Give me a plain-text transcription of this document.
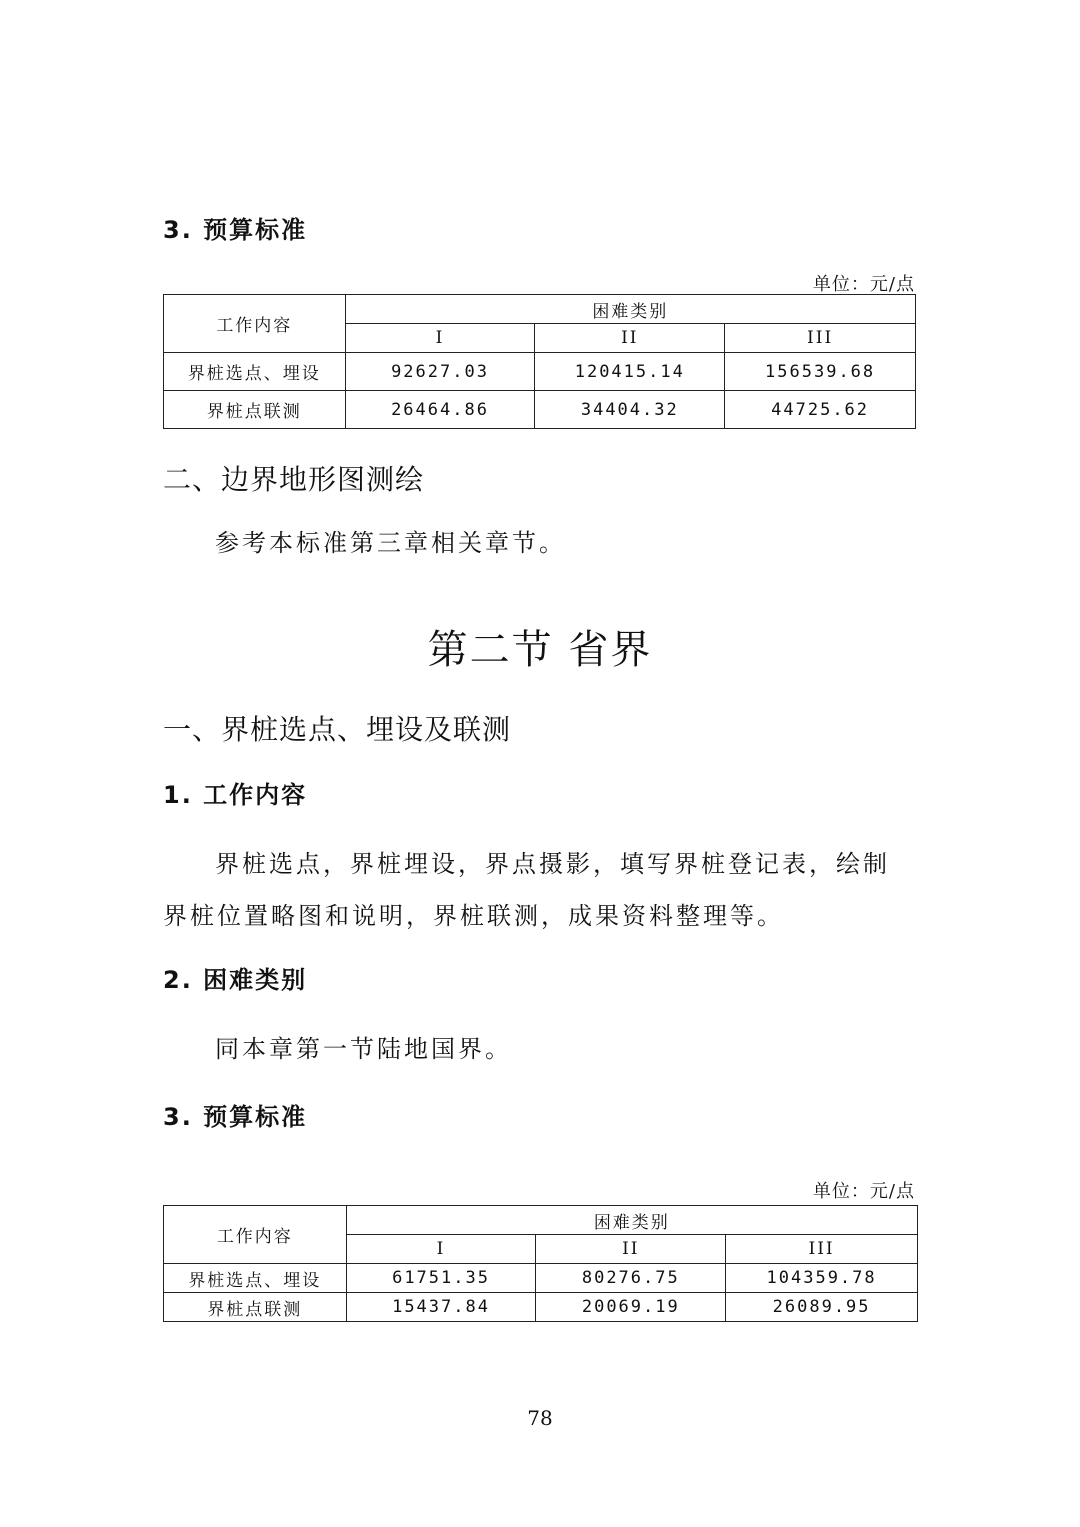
3. 预算标准
单位：元/点
工作内容	困难类别		
	I	II	III
界桩选点、埋设	92627.03	120415.14	156539.68
界桩点联测	26464.86	34404.32	44725.62
二、边界地形图测绘
参考本标准第三章相关章节。
第二节 省界
一、界桩选点、埋设及联测
1. 工作内容
界桩选点，界桩埋设，界点摄影，填写界桩登记表，绘制界桩位置略图和说明，界桩联测，成果资料整理等。
2. 困难类别
同本章第一节陆地国界。
3. 预算标准
单位：元/点
工作内容	困难类别		
	I	II	III
界桩选点、埋设	61751.35	80276.75	104359.78
界桩点联测	15437.84	20069.19	26089.95
78
